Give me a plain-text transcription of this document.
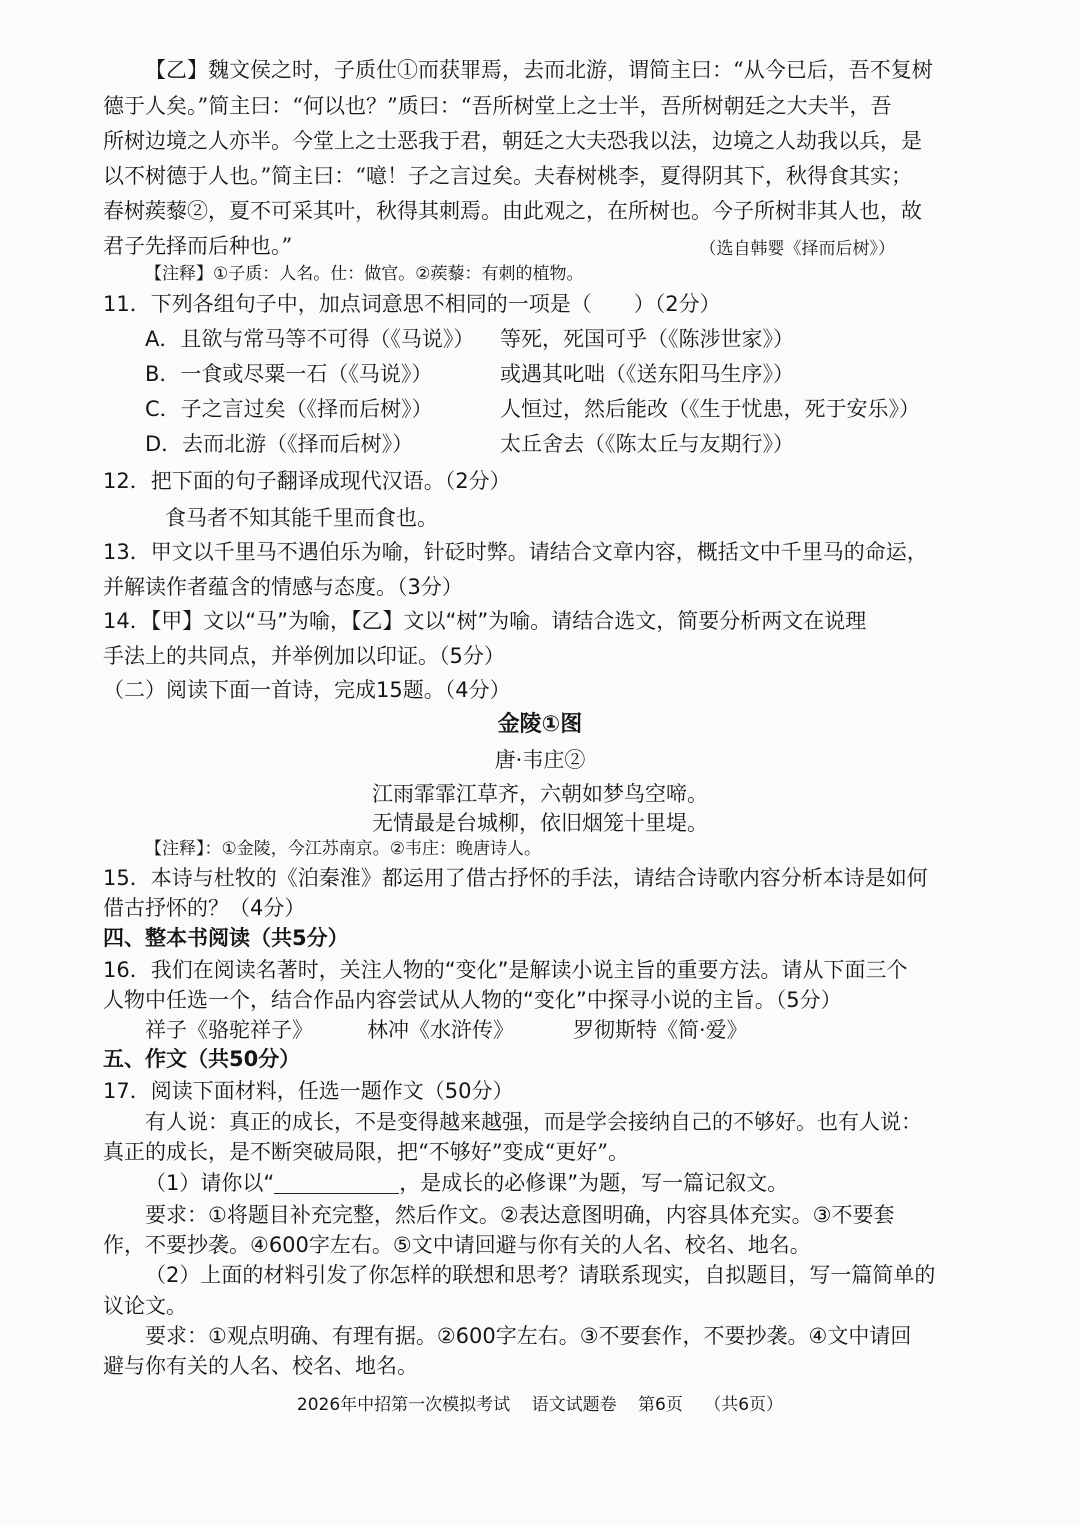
【乙】魏文侯之时，子质仕①而获罪焉，去而北游，谓简主曰：“从今已后，吾不复树
德于人矣。”简主曰：“何以也？”质曰：“吾所树堂上之士半，吾所树朝廷之大夫半，吾
所树边境之人亦半。今堂上之士恶我于君，朝廷之大夫恐我以法，边境之人劫我以兵，是
以不树德于人也。”简主曰：“噫！子之言过矣。夫春树桃李，夏得阴其下，秋得食其实；
春树蒺藜②，夏不可采其叶，秋得其刺焉。由此观之，在所树也。今子所树非其人也，故
君子先择而后种也。”	（选自韩婴《择而后树》）
【注释】①子质：人名。仕：做官。②蒺藜：有刺的植物。
11．下列各组句子中，加点词意思不相同的一项是（　　）（2分）
A．且欲与常马等不可得（《马说》） 等死，死国可乎（《陈涉世家》）
B．一食或尽粟一石（《马说》）	或遇其叱咄（《送东阳马生序》）
C．子之言过矣（《择而后树》）	人恒过，然后能改（《生于忧患，死于安乐》）
D．去而北游（《择而后树》）	太丘舍去（《陈太丘与友期行》）
12．把下面的句子翻译成现代汉语。（2分）
食马者不知其能千里而食也。
13．甲文以千里马不遇伯乐为喻，针砭时弊。请结合文章内容，概括文中千里马的命运，
并解读作者蕴含的情感与态度。（3分）
14．【甲】文以“马”为喻，【乙】文以“树”为喻。请结合选文，简要分析两文在说理
手法上的共同点，并举例加以印证。（5分）
（二）阅读下面一首诗，完成15题。（4分）
金陵①图
唐·韦庄②
江雨霏霏江草齐，六朝如梦鸟空啼。
无情最是台城柳，依旧烟笼十里堤。
【注释】：①金陵，今江苏南京。②韦庄：晚唐诗人。
15．本诗与杜牧的《泊秦淮》都运用了借古抒怀的手法，请结合诗歌内容分析本诗是如何
借古抒怀的？（4分）
四、整本书阅读（共5分）
16．我们在阅读名著时，关注人物的“变化”是解读小说主旨的重要方法。请从下面三个
人物中任选一个，结合作品内容尝试从人物的“变化”中探寻小说的主旨。（5分）
祥子《骆驼祥子》	林冲《水浒传》	罗彻斯特《简·爱》
五、作文（共50分）
17．阅读下面材料，任选一题作文（50分）
有人说：真正的成长，不是变得越来越强，而是学会接纳自己的不够好。也有人说：
真正的成长，是不断突破局限，把“不够好”变成“更好”。
（1）请你以“	，是成长的必修课”为题，写一篇记叙文。
要求：①将题目补充完整，然后作文。②表达意图明确，内容具体充实。③不要套
作，不要抄袭。④600字左右。⑤文中请回避与你有关的人名、校名、地名。
（2）上面的材料引发了你怎样的联想和思考？请联系现实，自拟题目，写一篇简单的
议论文。
要求：①观点明确、有理有据。②600字左右。③不要套作，不要抄袭。④文中请回
避与你有关的人名、校名、地名。
2026年中招第一次模拟考试 语文试题卷 第6页 （共6页）
